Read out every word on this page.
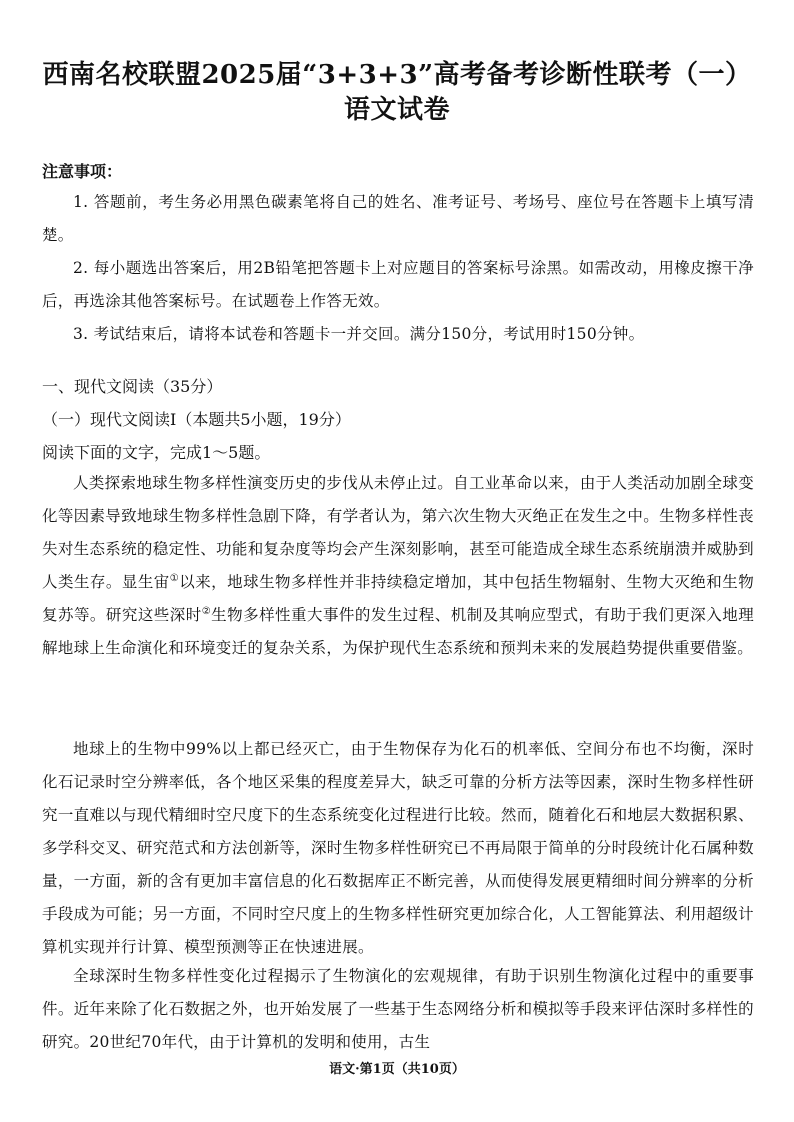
西南名校联盟2025届“3+3+3”高考备考诊断性联考（一）
语文试卷
注意事项：
1. 答题前，考生务必用黑色碳素笔将自己的姓名、准考证号、考场号、座位号在答题卡上填写清楚。
2. 每小题选出答案后，用2B铅笔把答题卡上对应题目的答案标号涂黑。如需改动，用橡皮擦干净后，再选涂其他答案标号。在试题卷上作答无效。
3. 考试结束后，请将本试卷和答题卡一并交回。满分150分，考试用时150分钟。
一、现代文阅读（35分）
（一）现代文阅读Ⅰ（本题共5小题，19分）
阅读下面的文字，完成1～5题。
人类探索地球生物多样性演变历史的步伐从未停止过。自工业革命以来，由于人类活动加剧全球变化等因素导致地球生物多样性急剧下降，有学者认为，第六次生物大灭绝正在发生之中。生物多样性丧失对生态系统的稳定性、功能和复杂度等均会产生深刻影响，甚至可能造成全球生态系统崩溃并威胁到人类生存。显生宙①以来，地球生物多样性并非持续稳定增加，其中包括生物辐射、生物大灭绝和生物复苏等。研究这些深时②生物多样性重大事件的发生过程、机制及其响应型式，有助于我们更深入地理解地球上生命演化和环境变迁的复杂关系，为保护现代生态系统和预判未来的发展趋势提供重要借鉴。
地球上的生物中99%以上都已经灭亡，由于生物保存为化石的机率低、空间分布也不均衡，深时化石记录时空分辨率低，各个地区采集的程度差异大，缺乏可靠的分析方法等因素，深时生物多样性研究一直难以与现代精细时空尺度下的生态系统变化过程进行比较。然而，随着化石和地层大数据积累、多学科交叉、研究范式和方法创新等，深时生物多样性研究已不再局限于简单的分时段统计化石属种数量，一方面，新的含有更加丰富信息的化石数据库正不断完善，从而使得发展更精细时间分辨率的分析手段成为可能；另一方面，不同时空尺度上的生物多样性研究更加综合化，人工智能算法、利用超级计算机实现并行计算、模型预测等正在快速进展。
全球深时生物多样性变化过程揭示了生物演化的宏观规律，有助于识别生物演化过程中的重要事件。近年来除了化石数据之外，也开始发展了一些基于生态网络分析和模拟等手段来评估深时多样性的研究。20世纪70年代，由于计算机的发明和使用，古生
语文·第1页（共10页）
